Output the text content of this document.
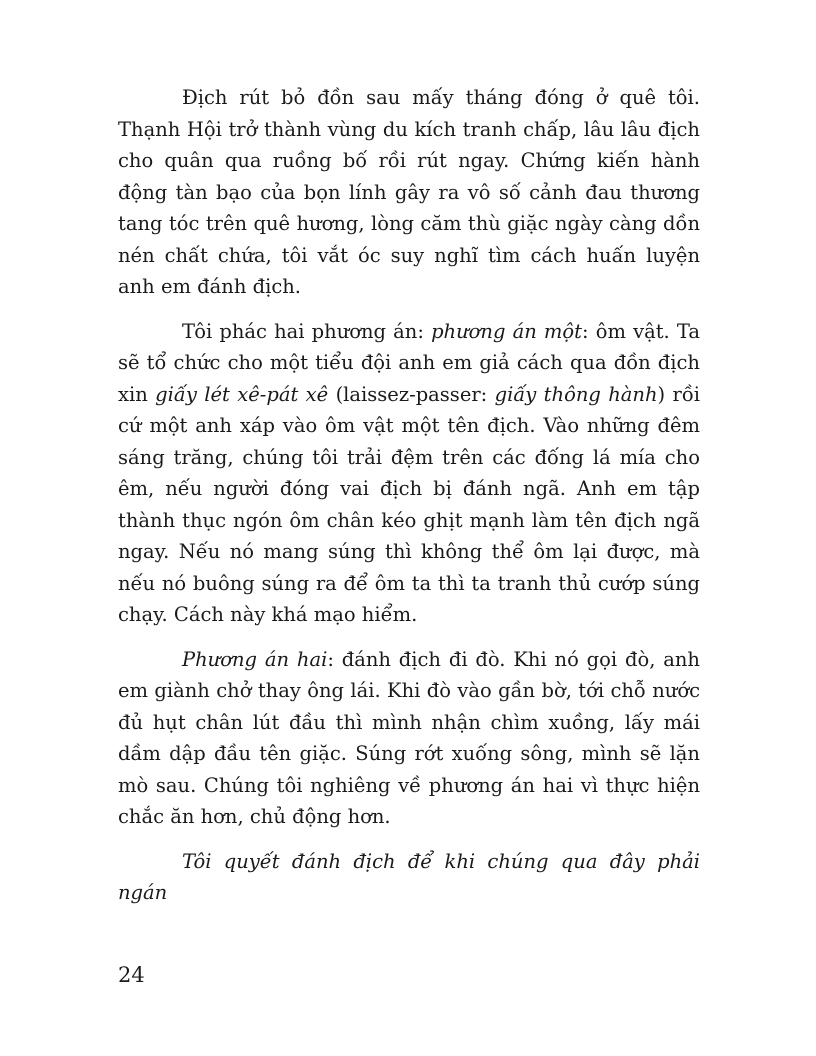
Địch rút bỏ đồn sau mấy tháng đóng ở quê tôi. Thạnh Hội trở thành vùng du kích tranh chấp, lâu lâu địch cho quân qua ruồng bố rồi rút ngay. Chứng kiến hành động tàn bạo của bọn lính gây ra vô số cảnh đau thương tang tóc trên quê hương, lòng căm thù giặc ngày càng dồn nén chất chứa, tôi vắt óc suy nghĩ tìm cách huấn luyện anh em đánh địch.

Tôi phác hai phương án: phương án một: ôm vật. Ta sẽ tổ chức cho một tiểu đội anh em giả cách qua đồn địch xin giấy lét xê-pát xê (laissez-passer: giấy thông hành) rồi cứ một anh xáp vào ôm vật một tên địch. Vào những đêm sáng trăng, chúng tôi trải đệm trên các đống lá mía cho êm, nếu người đóng vai địch bị đánh ngã. Anh em tập thành thục ngón ôm chân kéo ghịt mạnh làm tên địch ngã ngay. Nếu nó mang súng thì không thể ôm lại được, mà nếu nó buông súng ra để ôm ta thì ta tranh thủ cướp súng chạy. Cách này khá mạo hiểm.

Phương án hai: đánh địch đi đò. Khi nó gọi đò, anh em giành chở thay ông lái. Khi đò vào gần bờ, tới chỗ nước đủ hụt chân lút đầu thì mình nhận chìm xuồng, lấy mái dầm dập đầu tên giặc. Súng rớt xuống sông, mình sẽ lặn mò sau. Chúng tôi nghiêng về phương án hai vì thực hiện chắc ăn hơn, chủ động hơn.

Tôi quyết đánh địch để khi chúng qua đây phải ngán

24
